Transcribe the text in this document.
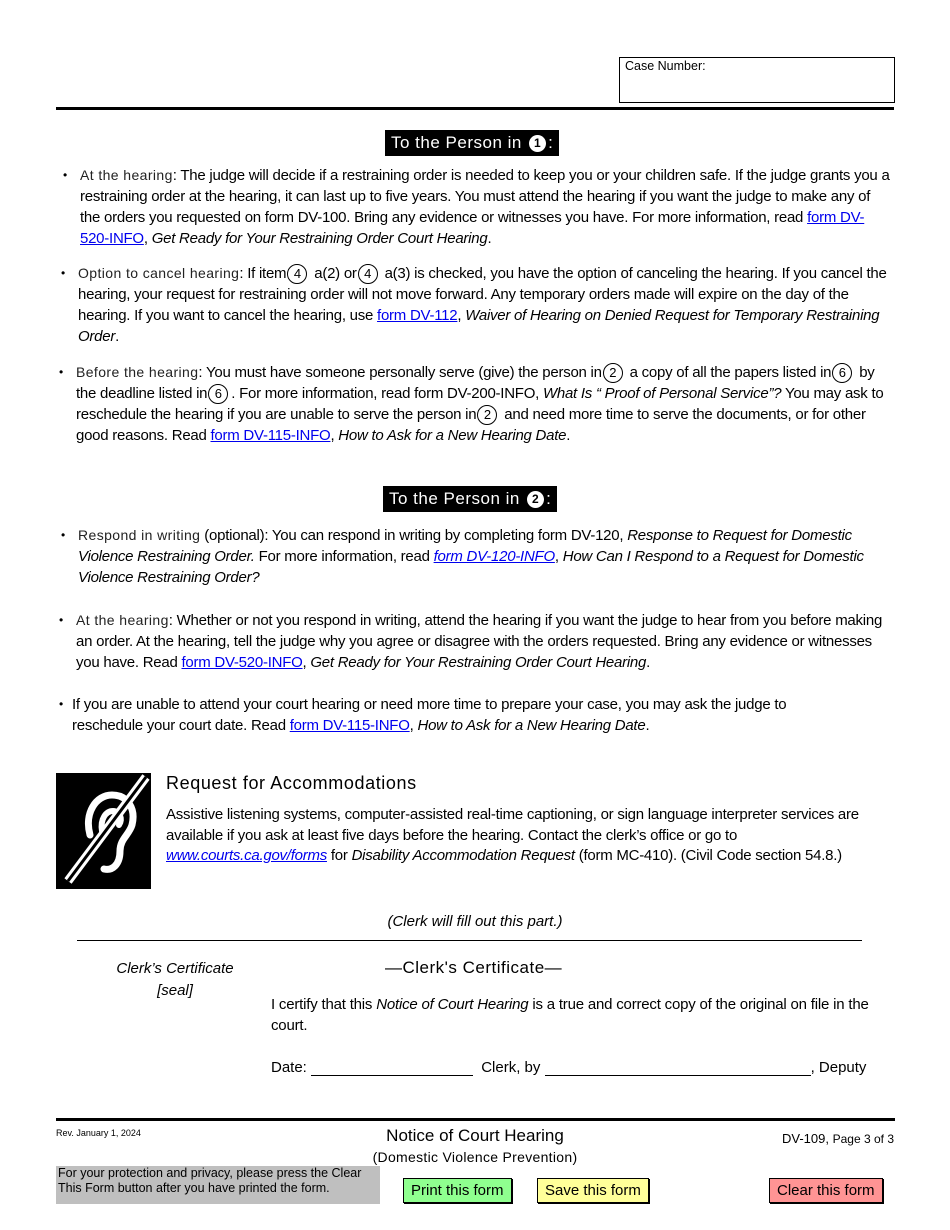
Case Number:
To the Person in 1 :
• At the hearing: The judge will decide if a restraining order is needed to keep you or your children safe. If the judge grants you a restraining order at the hearing, it can last up to five years. You must attend the hearing if you want the judge to make any of the orders you requested on form DV-100. Bring any evidence or witnesses you have. For more information, read form DV-520-INFO, Get Ready for Your Restraining Order Court Hearing.
• Option to cancel hearing: If item 4 a(2) or 4 a(3) is checked, you have the option of canceling the hearing. If you cancel the hearing, your request for restraining order will not move forward. Any temporary orders made will expire on the day of the hearing. If you want to cancel the hearing, use form DV-112, Waiver of Hearing on Denied Request for Temporary Restraining Order.
• Before the hearing: You must have someone personally serve (give) the person in 2 a copy of all the papers listed in 6 by the deadline listed in 6 . For more information, read form DV-200-INFO, What Is “ Proof of Personal Service”? You may ask to reschedule the hearing if you are unable to serve the person in 2 and need more time to serve the documents, or for other good reasons. Read form DV-115-INFO, How to Ask for a New Hearing Date.
To the Person in 2 :
• Respond in writing (optional): You can respond in writing by completing form DV-120, Response to Request for Domestic Violence Restraining Order. For more information, read form DV-120-INFO, How Can I Respond to a Request for Domestic Violence Restraining Order?
• At the hearing: Whether or not you respond in writing, attend the hearing if you want the judge to hear from you before making an order. At the hearing, tell the judge why you agree or disagree with the orders requested. Bring any evidence or witnesses you have. Read form DV-520-INFO, Get Ready for Your Restraining Order Court Hearing.
• If you are unable to attend your court hearing or need more time to prepare your case, you may ask the judge to reschedule your court date. Read form DV-115-INFO, How to Ask for a New Hearing Date.
Request for Accommodations
Assistive listening systems, computer-assisted real-time captioning, or sign language interpreter services are available if you ask at least five days before the hearing. Contact the clerk’s office or go to www.courts.ca.gov/forms for Disability Accommodation Request (form MC-410). (Civil Code section 54.8.)
(Clerk will fill out this part.)
Clerk’s Certificate
[seal]
—Clerk's Certificate—
I certify that this Notice of Court Hearing is a true and correct copy of the original on file in the court.
Date:	Clerk, by	, Deputy
Rev. January 1, 2024	Notice of Court Hearing
(Domestic Violence Prevention)
DV-109, Page 3 of 3
For your protection and privacy, please press the Clear This Form button after you have printed the form.	Print this form	Save this form	Clear this form
